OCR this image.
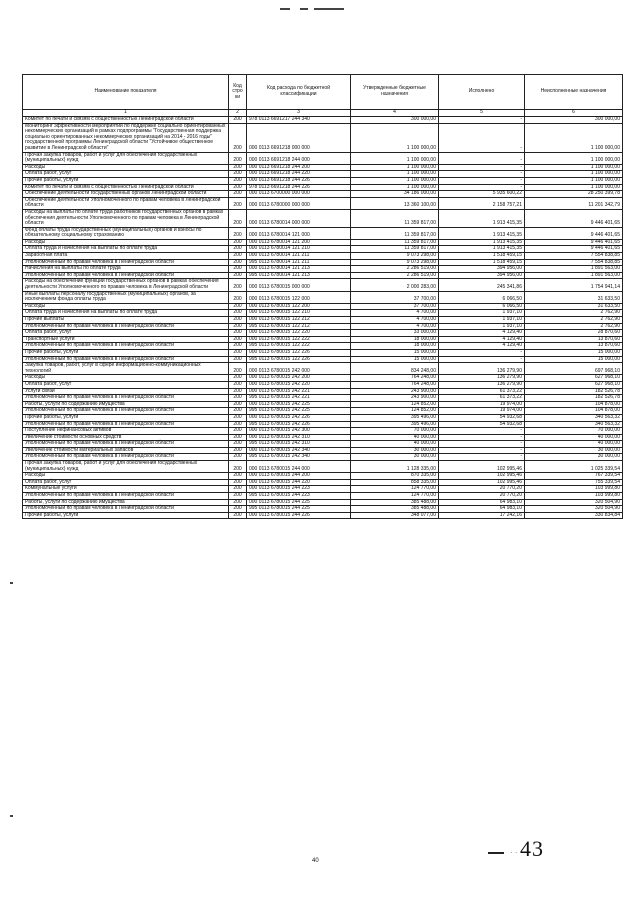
Наименование показателя	Код стро ки	Код расхода по бюджетной классификации	Утвержденные бюджетные назначения	Исполнено	Неисполненные назначения
1	2	3	4	5	6
Комитет по печати и связям с общественностью Ленинградской области	200	978 0113 6691217 244 340	300 000,00	-	300 000,00
Мониторинг эффективности мероприятий по поддержке социально ориентированных некоммерческих организаций в рамках подпрограммы "Государственная поддержка социально ориентированных некоммерческих организаций на 2014 - 2016 годы" государственной программы Ленинградской области "Устойчивое общественное развитие в Ленинградской области"	200	000 0113 6691218 000 000	1 100 000,00	-	1 100 000,00
Прочая закупка товаров, работ и услуг для обеспечения государственных (муниципальных) нужд	200	000 0113 6691218 244 000	1 100 000,00	-	1 100 000,00
Расходы	200	000 0113 6691218 244 200	1 100 000,00	-	1 100 000,00
Оплата работ, услуг	200	000 0113 6691218 244 220	1 100 000,00	-	1 100 000,00
Прочие работы, услуги	200	000 0113 6691218 244 226	1 100 000,00	-	1 100 000,00
Комитет по печати и связям с общественностью Ленинградской области	200	978 0113 6691218 244 226	1 100 000,00	-	1 100 000,00
Обеспечение деятельности государственных органов Ленинградской области	200	000 0113 6700000 000 000	34 186 000,00	5 935 600,22	28 250 399,78
Обеспечение деятельности Уполномоченного по правам человека в Ленинградской области	200	000 0113 6780000 000 000	13 360 100,00	2 158 757,21	11 201 342,79
Расходы на выплаты по оплате труда работников государственных органов в рамках обеспечения деятельности Уполномоченного по правам человека в Ленинградской области	200	000 0113 6780014 000 000	11 359 817,00	1 913 415,35	9 446 401,65
Фонд оплаты труда государственных (муниципальных) органов и взносы по обязательному социальному страхованию	200	000 0113 6780014 121 000	11 359 817,00	1 913 415,35	9 446 401,65
Расходы	200	000 0113 6780014 121 200	11 359 817,00	1 913 415,35	9 446 401,65
Оплата труда и начисления на выплаты по оплате труда	200	000 0113 6780014 121 210	11 359 817,00	1 913 415,35	9 446 401,65
Заработная плата	200	000 0113 6780014 121 211	9 073 298,00	1 518 459,15	7 554 838,85
Уполномоченный по правам человека в Ленинградской области	200	995 0113 6780014 121 211	9 073 298,00	1 518 459,15	7 554 838,85
Начисления на выплаты по оплате труда	200	000 0113 6780014 121 213	2 286 519,00	394 956,00	1 891 563,00
Уполномоченный по правам человека в Ленинградской области	200	995 0113 6780014 121 213	2 286 519,00	394 956,00	1 891 563,00
Расходы на обеспечение функций государственных органов в рамках обеспечения деятельности Уполномоченного по правам человека в Ленинградской области	200	000 0113 6780015 000 000	2 000 283,00	245 341,86	1 754 941,14
Иные выплаты персоналу государственных (муниципальных) органов, за исключением фонда оплаты труда	200	000 0113 6780015 122 000	37 700,00	6 066,50	31 633,50
Расходы	200	000 0113 6780015 122 200	37 700,00	6 066,50	31 633,50
Оплата труда и начисления на выплаты по оплате труда	200	000 0113 6780015 122 210	4 700,00	1 937,10	2 762,90
Прочие выплаты	200	000 0113 6780015 122 212	4 700,00	1 937,10	2 762,90
Уполномоченный по правам человека в Ленинградской области	200	995 0113 6780015 122 212	4 700,00	1 937,10	2 762,90
Оплата работ, услуг	200	000 0113 6780015 122 220	33 000,00	4 129,40	28 870,60
Транспортные услуги	200	000 0113 6780015 122 222	18 000,00	4 129,40	13 870,60
Уполномоченный по правам человека в Ленинградской области	200	995 0113 6780015 122 222	18 000,00	4 129,40	13 870,60
Прочие работы, услуги	200	000 0113 6780015 122 226	15 000,00	-	15 000,00
Уполномоченный по правам человека в Ленинградской области	200	995 0113 6780015 122 226	15 000,00	-	15 000,00
Закупка товаров, работ, услуг в сфере информационно-коммуникационных технологий	200	000 0113 6780015 242 000	834 248,00	136 279,90	697 968,10
Расходы	200	000 0113 6780015 242 200	764 248,00	136 279,90	627 968,10
Оплата работ, услуг	200	000 0113 6780015 242 220	764 248,00	136 279,90	627 968,10
Услуги связи	200	000 0113 6780015 242 221	243 900,00	61 373,22	182 526,78
Уполномоченный по правам человека в Ленинградской области	200	995 0113 6780015 242 221	243 900,00	61 373,22	182 526,78
Работы, услуги по содержанию имущества	200	000 0113 6780015 242 225	124 852,00	19 974,00	104 878,00
Уполномоченный по правам человека в Ленинградской области	200	995 0113 6780015 242 225	124 852,00	19 974,00	104 878,00
Прочие работы, услуги	200	000 0113 6780015 242 226	395 496,00	54 932,68	340 563,32
Уполномоченный по правам человека в Ленинградской области	200	995 0113 6780015 242 226	395 496,00	54 932,68	340 563,32
Поступление нефинансовых активов	200	000 0113 6780015 242 300	70 000,00	-	70 000,00
Увеличение стоимости основных средств	200	000 0113 6780015 242 310	40 000,00	-	40 000,00
Уполномоченный по правам человека в Ленинградской области	200	995 0113 6780015 242 310	40 000,00	-	40 000,00
Увеличение стоимости материальных запасов	200	000 0113 6780015 242 340	30 000,00	-	30 000,00
Уполномоченный по правам человека в Ленинградской области	200	995 0113 6780015 242 340	30 000,00	-	30 000,00
Прочая закупка товаров, работ и услуг для обеспечения государственных (муниципальных) нужд	200	000 0113 6780015 244 000	1 128 335,00	102 995,46	1 025 339,54
Расходы	200	000 0113 6780015 244 200	870 335,00	102 995,46	767 339,54
Оплата работ, услуг	200	000 0113 6780015 244 220	858 335,00	102 995,46	755 339,54
Коммунальные услуги	200	000 0113 6780015 244 223	124 770,00	20 770,20	103 999,80
Уполномоченный по правам человека в Ленинградской области	200	995 0113 6780015 244 223	124 770,00	20 770,20	103 999,80
Работы, услуги по содержанию имущества	200	000 0113 6780015 244 225	385 488,00	64 983,10	320 504,90
Уполномоченный по правам человека в Ленинградской области	200	995 0113 6780015 244 225	385 488,00	64 983,10	320 504,90
Прочие работы, услуги	200	000 0113 6780015 244 226	348 077,00	17 242,16	330 834,84
40
· · 43
